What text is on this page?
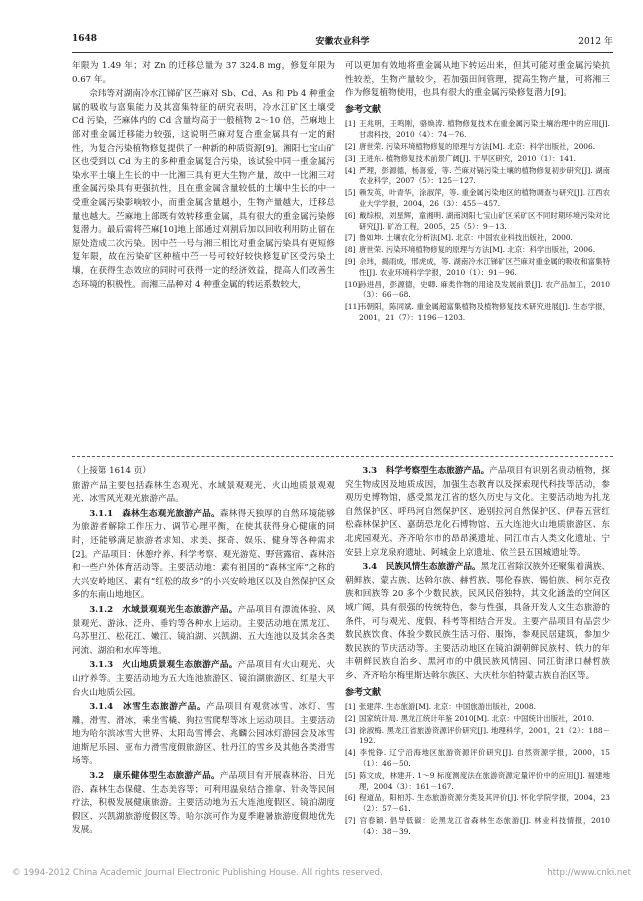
1648	安徽农业科学	2012 年

年限为 1.49 年；对 Zn 的迁移总量为 37 324.8 mg，修复年限为 0.67 年。

佘玮等对湖南冷水江锑矿区苎麻对 Sb、Cd、As 和 Pb 4 种重金属的吸收与富集能力及其富集特征的研究表明，冷水江矿区土壤受 Cd 污染，苎麻体内的 Cd 含量均高于一般植物 2～10 倍，苎麻地上部对重金属迁移能力较强，这说明苎麻对复合重金属具有一定的耐性，为复合污染植物修复提供了一种新的种质资源[9]。湘阳七宝山矿区也受到以 Cd 为主的多种重金属复合污染，该试验中同一重金属污染水平土壤上生长的中一比湘三具有更大生物产量，故中一比湘三对重金属污染具有更强抗性，且在重金属含量较低的土壤中生长的中一受重金属污染影响较小，而重金属含量越小，生物产量越大，迁移总量也越大。苎麻地上部既有效转移重金属，具有很大的重金属污染修复潜力。最后需将苎麻[10]地上部通过刈割后加以回收利用防止留在原处造成二次污染。因中苎一号与湘三相比对重金属污染具有更短修复年限，故在污染矿区种植中苎一号可较好较快修复矿区受污染土壤，在获得生态效应的同时可获得一定的经济效益，提高人们改善生态环境的积极性。而湘三品种对 4 种重金属的转运系数较大，

可以更加有效地将重金属从地下转运出来，但其可能对重金属污染抗性较差，生物产量较少，若加强田间管理，提高生物产量，可将湘三作为修复植物使用，也具有很大的重金属污染修复潜力[9]。

参考文献
[1] 王兆明，王鸣刚，骆焕涛. 植物修复技术在重金属污染土壤治理中的应用[J]. 甘肃科技，2010（4）：74－76.
[2] 唐世荣. 污染环境植物修复的原理与方法[M]. 北京：科学出版社，2006.
[3] 王进东. 植物修复技术前景广阔[J]. 干旱区研究，2010（1）：141.
[4] 严理，彭源德，杨喜爱，等. 苎麻对镉污染土壤的植物修复初步研究[J]. 湖南农业科学，2007（5）：125－127.
[5] 赖发英，叶青华，涂淑萍，等. 重金属污染地区的植物调查与研究[J]. 江西农业大学学报，2004，26（3）：455－457.
[6] 戴综根，刘星辉，童湘明. 湖南浏阳七宝山矿区采矿区不同时期环境污染对比研究[J]. 矿冶工程，2005，25（5）：9－13.
[7] 鲁如坤. 土壤农化分析法[M]. 北京：中国农业科技出版社，2000.
[8] 唐世荣. 污染环境植物修复的原理与方法[M]. 北京：科学出版社，2006.
[9] 佘玮，揭雨成，邢虎成，等. 湖南冷水江锑矿区苎麻对重金属的吸收和富集特性[J]. 农业环境科学学报，2010（1）：91－96.
[10]孙进昌，彭源德，史卿. 麻类作物的用途及发展前景[J]. 农产品加工，2010（3）：66－68.
[11]韦朝阳，陈同斌. 重金属超富集植物及植物修复技术研究进展[J]. 生态学报，2001，21（7）：1196－1203.

（上接第 1614 页）

旅游产品主要包括森林生态观光、水域景观观光、火山地质景观观光、冰雪风光观光旅游产品。

3.1.1　森林生态观光旅游产品。森林得天独厚的自然环境能够为旅游者解除工作压力、调节心理平衡，在使其获得身心健康的同时，还能够满足旅游者求知、求美、探奇、娱乐、健身等各种需求[2]。产品项目：休憩疗养、科学考察、观光游览、野营露宿、森林浴和一些户外体育活动等。主要活动地：素有祖国的“森林宝库”之称的大兴安岭地区、素有“红松的故乡”的小兴安岭地区以及自然保护区众多的东南山地地区。

3.1.2　水域景观观光生态旅游产品。产品项目有漂流体验、风景观光、游泳、泛舟、垂钓等各种水上运动。主要活动地在黑龙江、乌苏里江、松花江、嫩江、镜泊湖、兴凯湖、五大连池以及其余各类河流、湖泊和水库等地。

3.1.3　火山地质景观生态旅游产品。产品项目有火山观光、火山疗养等。主要活动地为五大连池旅游区、镜泊湖旅游区、红星大平台火山地质公园。

3.1.4　冰雪生态旅游产品。产品项目有观赏冰雪、冰灯、雪雕，滑雪、滑冰，乘坐雪橇、狗拉雪爬犁等冰上运动项目。主要活动地为哈尔滨冰雪大世界、太阳岛雪博会、兆麟公园冰灯游园会及冰雪迪斯尼乐园、亚布力滑雪度假旅游区、牡丹江的雪乡及其他各类滑雪场等。

3.2　康乐健体型生态旅游产品。产品项目有开展森林浴、日光浴、森林生态保健、生态美容等；可利用温泉结合推拿、针灸等民间疗法，积极发展健康旅游。主要活动地为五大连池度假区、镜泊湖度假区、兴凯湖旅游度假区等。哈尔滨可作为夏季避暑旅游度假地优先发展。

3.3　科学考察型生态旅游产品。产品项目有识别名贵动植物，探究生物成因及地质成因，加强生态教育以及探索现代科技等活动，参观历史博物馆，感受黑龙江省的悠久历史与文化。主要活动地为扎龙自然保护区、呼玛河自然保护区、逊别拉河自然保护区、伊春五营红松森林保护区、嘉荫恐龙化石博物馆、五大连池火山地质旅游区、东北虎园观光、齐齐哈尔市的昂昂溪遗址、同江市古人类文化遗址、宁安县上京龙泉府遗址、阿城金上京遗址、依兰县五国城遗址等。

3.4　民族风情生态旅游产品。黑龙江省除汉族外还聚集着满族、朝鲜族、蒙古族、达斡尔族、赫哲族、鄂伦春族、锡伯族、柯尔克孜族和回族等 20 多个少数民族，民风民俗独特，其文化涵盖的空间区域广阔，具有很强的传统特色，参与性强，具备开发人文生态旅游的条件，可与观光、度假、科考等相结合开发。主要产品项目有品尝少数民族饮食、体验少数民族生活习俗、服饰，参观民居建筑，参加少数民族的节庆活动等。主要活动地区在镜泊湖朝鲜民族村、铁力的年丰朝鲜民族自治乡、黑河市的中俄民族风情园、同江街津口赫哲族乡、齐齐哈尔梅里斯达斡尔族区、大庆杜尔伯特蒙古族自治区等。

参考文献
[1] 张建萍. 生态旅游[M]. 北京：中国旅游出版社，2008.
[2] 国家统计局. 黑龙江统计年鉴 2010[M]. 北京：中国统计出版社，2010.
[3] 徐淑梅. 黑龙江省旅游资源评价研究[J]. 地理科学，2001，21（2）：188－192.
[4] 李悦铮. 辽宁沿海地区旅游资源评价研究[J]. 自然资源学报，2000，15（1）：46－50.
[5] 陈文成，林建开. 1～9 标度测度法在旅游资源定量评价中的应用[J]. 福建地理，2004（3）：161－167.
[6] 程道品，阳柏苏. 生态旅游资源分类及其评价[J]. 怀化学院学报，2004，23（2）：57－61.
[7] 宫春颖. 倡导低碳：论黑龙江省森林生态旅游[J]. 林业科技情报，2010（4）：38－39.
© 1994-2012 China Academic Journal Electronic Publishing House. All rights reserved.	http://www.cnki.net
